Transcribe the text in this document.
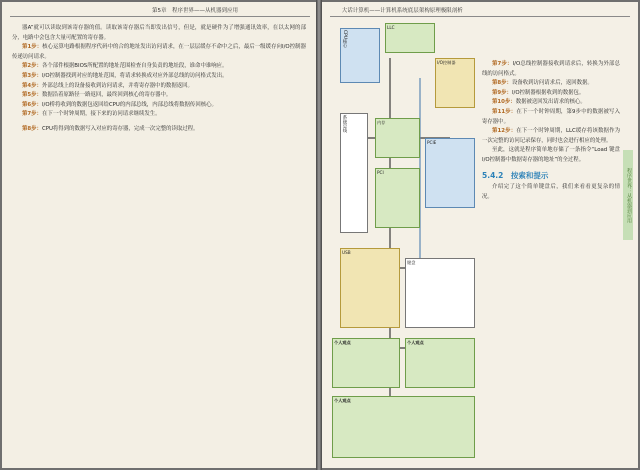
第5章　程序世界——从机器到应用

器A”就可以读取到该寄存器的值。读取该寄存器后当即发出信号，但是，就是硬件为了增强通讯效率，在以太网的部分，电路中会包含大量可配置的寄存器。

第1步：核心运算电路根据程序代码中的合的地址发出访问请求，在一层层缓存不命中之后，最后一级缓存向I/O控制器传递访问请求。

第2步：各个部件根据BIOS所配置的地址范围检查自身负责的地址段，谁命中谁响应。

第3步：I/O控制器找到对应的地址范围，将请求转换成对应外部总线的访问格式发出。

第4步：外部总线上的设备接收到访问请求，并将寄存器中的数据返回。

第5步：数据沿着原路径一路返回，最终回到核心的寄存器中。

第6步：I/O桥将收到的数据包返回给CPU的内部总线，内部总线将数据传回核心。

第7步：在下一个时钟周期，接下来的访问请求继续发生。

第8步：CPU将得到的数据写入对应的寄存器，完成一次完整的读取过程。

大话计算机——计算机系统底层架构原理极限剖析

第7步：I/O总线控制器接收到请求后，转换为外部总线的访问格式。

第8步：设备收到访问请求后，返回数据。

第9步：I/O控制器根据收到的数据包。

第10步：数据被送回发出请求的核心。

第11步：在下一个时钟周期，第9步中的数据被写入寄存器中。

第12步：在下一个时钟周期，LLC缓存将该数据作为一次完整的访问记录保存，同时也会进行相应的处理。

至此，这就是程序简单地存储了一条指令“Load 键盘I/O控制器中数据寄存器的地址”的全过程。

5.4.2　按索和提示

介绍完了这个简单键盘后，我们来看看更复杂的情况。

CPU核心
LLC
I/O控制器
系统总线	内存
PCIE
PCI
USB
键盘
个人观点	个人观点
个人观点
程序世界：从机器到应用
